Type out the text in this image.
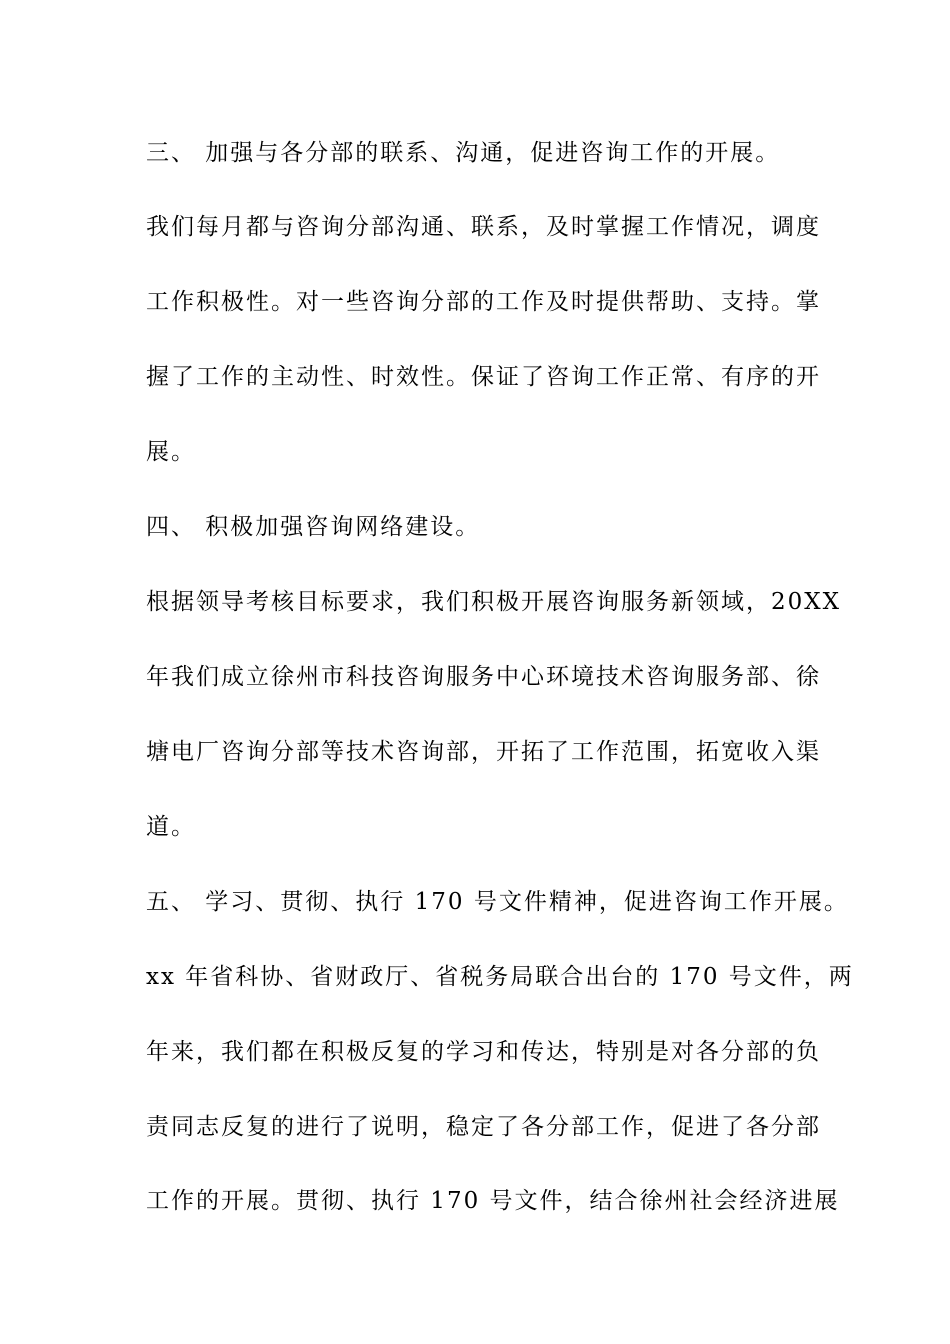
三、 加强与各分部的联系、沟通，促进咨询工作的开展。
我们每月都与咨询分部沟通、联系，及时掌握工作情况，调度
工作积极性。对一些咨询分部的工作及时提供帮助、支持。掌
握了工作的主动性、时效性。保证了咨询工作正常、有序的开
展。
四、 积极加强咨询网络建设。
根据领导考核目标要求，我们积极开展咨询服务新领域，20XX
年我们成立徐州市科技咨询服务中心环境技术咨询服务部、徐
塘电厂咨询分部等技术咨询部，开拓了工作范围，拓宽收入渠
道。
五、 学习、贯彻、执行 170 号文件精神，促进咨询工作开展。
xx 年省科协、省财政厅、省税务局联合出台的 170 号文件，两
年来，我们都在积极反复的学习和传达，特别是对各分部的负
责同志反复的进行了说明，稳定了各分部工作，促进了各分部
工作的开展。贯彻、执行 170 号文件，结合徐州社会经济进展
